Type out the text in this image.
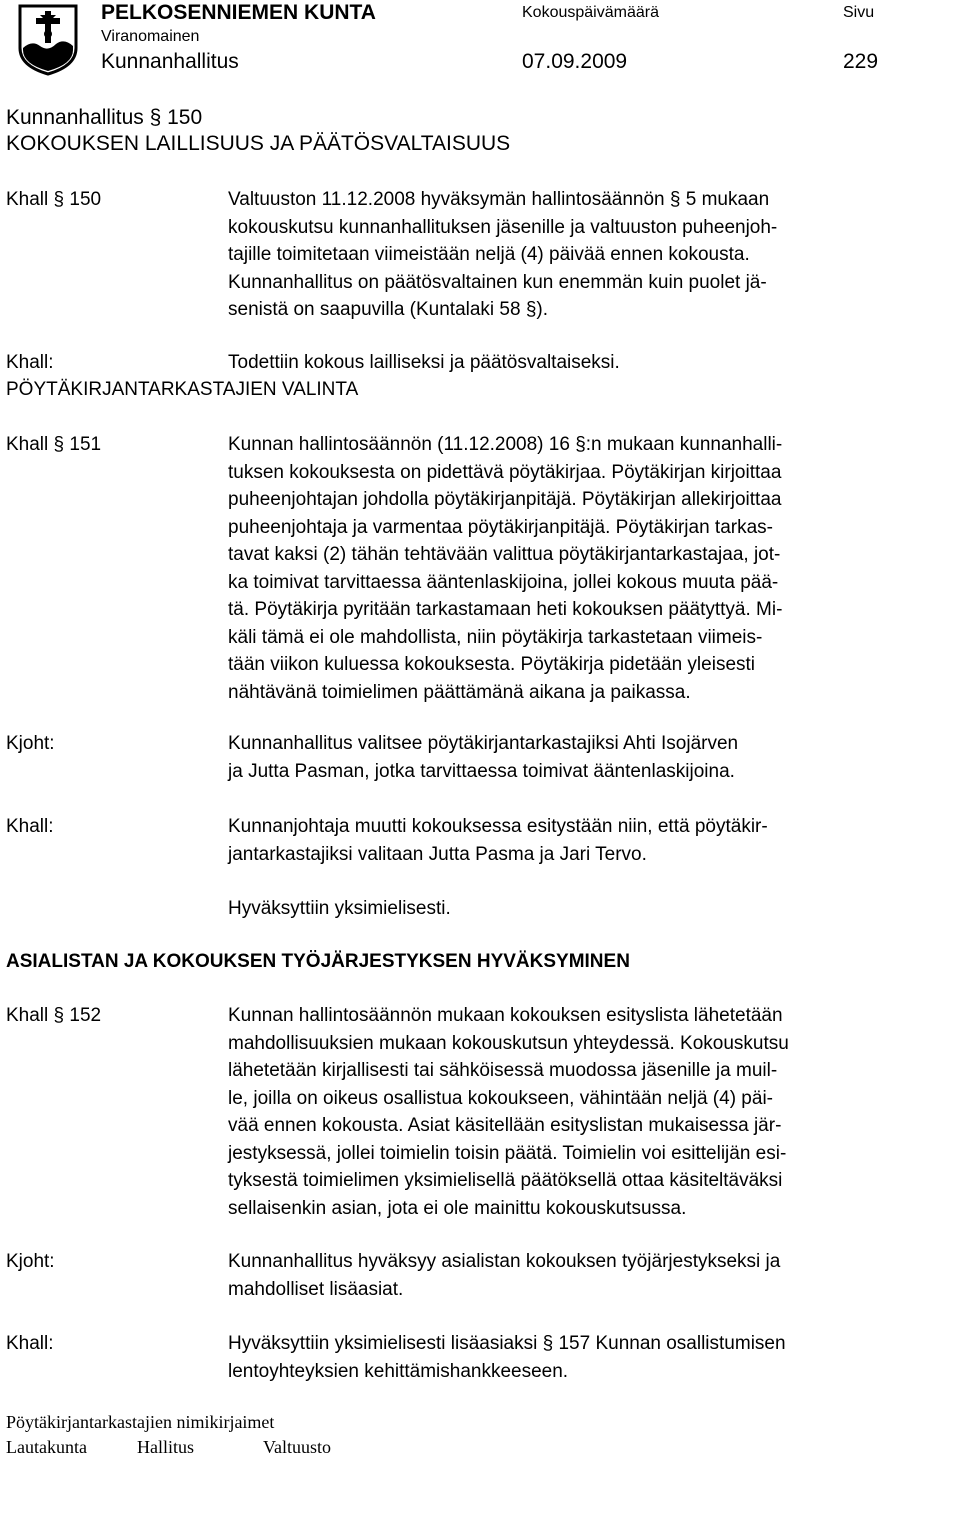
PELKOSENNIEMEN KUNTA
Viranomainen
Kunnanhallitus
Kokouspäivämäärä
07.09.2009
Sivu
229
Kunnanhallitus § 150
KOKOUKSEN LAILLISUUS JA PÄÄTÖSVALTAISUUS
Khall § 150	Valtuuston 11.12.2008 hyväksymän hallintosäännön § 5 mukaan
kokouskutsu kunnanhallituksen jäsenille ja valtuuston puheenjoh-
tajille toimitetaan viimeistään neljä (4) päivää ennen kokousta.
Kunnanhallitus on päätösvaltainen kun enemmän kuin puolet jä-
senistä on saapuvilla (Kuntalaki 58 §).
Khall:	Todettiin kokous lailliseksi ja päätösvaltaiseksi.
PÖYTÄKIRJANTARKASTAJIEN VALINTA
Khall § 151	Kunnan hallintosäännön (11.12.2008) 16 §:n mukaan kunnanhalli-
tuksen kokouksesta on pidettävä pöytäkirjaa. Pöytäkirjan kirjoittaa
puheenjohtajan johdolla pöytäkirjanpitäjä. Pöytäkirjan allekirjoittaa
puheenjohtaja ja varmentaa pöytäkirjanpitäjä. Pöytäkirjan tarkas-
tavat kaksi (2) tähän tehtävään valittua pöytäkirjantarkastajaa, jot-
ka toimivat tarvittaessa ääntenlaskijoina, jollei kokous muuta pää-
tä. Pöytäkirja pyritään tarkastamaan heti kokouksen päätyttyä. Mi-
käli tämä ei ole mahdollista, niin pöytäkirja tarkastetaan viimeis-
tään viikon kuluessa kokouksesta. Pöytäkirja pidetään yleisesti
nähtävänä toimielimen päättämänä aikana ja paikassa.
Kjoht:	Kunnanhallitus valitsee pöytäkirjantarkastajiksi Ahti Isojärven
ja Jutta Pasman, jotka tarvittaessa toimivat ääntenlaskijoina.
Khall:	Kunnanjohtaja muutti kokouksessa esitystään niin, että pöytäkir-
jantarkastajiksi valitaan Jutta Pasma ja Jari Tervo.
Hyväksyttiin yksimielisesti.
ASIALISTAN JA KOKOUKSEN TYÖJÄRJESTYKSEN HYVÄKSYMINEN
Khall § 152	Kunnan hallintosäännön mukaan kokouksen esityslista lähetetään
mahdollisuuksien mukaan kokouskutsun yhteydessä. Kokouskutsu
lähetetään kirjallisesti tai sähköisessä muodossa jäsenille ja muil-
le, joilla on oikeus osallistua kokoukseen, vähintään neljä (4) päi-
vää ennen kokousta. Asiat käsitellään esityslistan mukaisessa jär-
jestyksessä, jollei toimielin toisin päätä. Toimielin voi esittelijän esi-
tyksestä toimielimen yksimielisellä päätöksellä ottaa käsiteltäväksi
sellaisenkin asian, jota ei ole mainittu kokouskutsussa.
Kjoht:	Kunnanhallitus hyväksyy asialistan kokouksen työjärjestykseksi ja
mahdolliset lisäasiat.
Khall:	Hyväksyttiin yksimielisesti lisäasiaksi § 157 Kunnan osallistumisen
lentoyhteyksien kehittämishankkeeseen.
Pöytäkirjantarkastajien nimikirjaimet
Lautakunta	Hallitus	Valtuusto
